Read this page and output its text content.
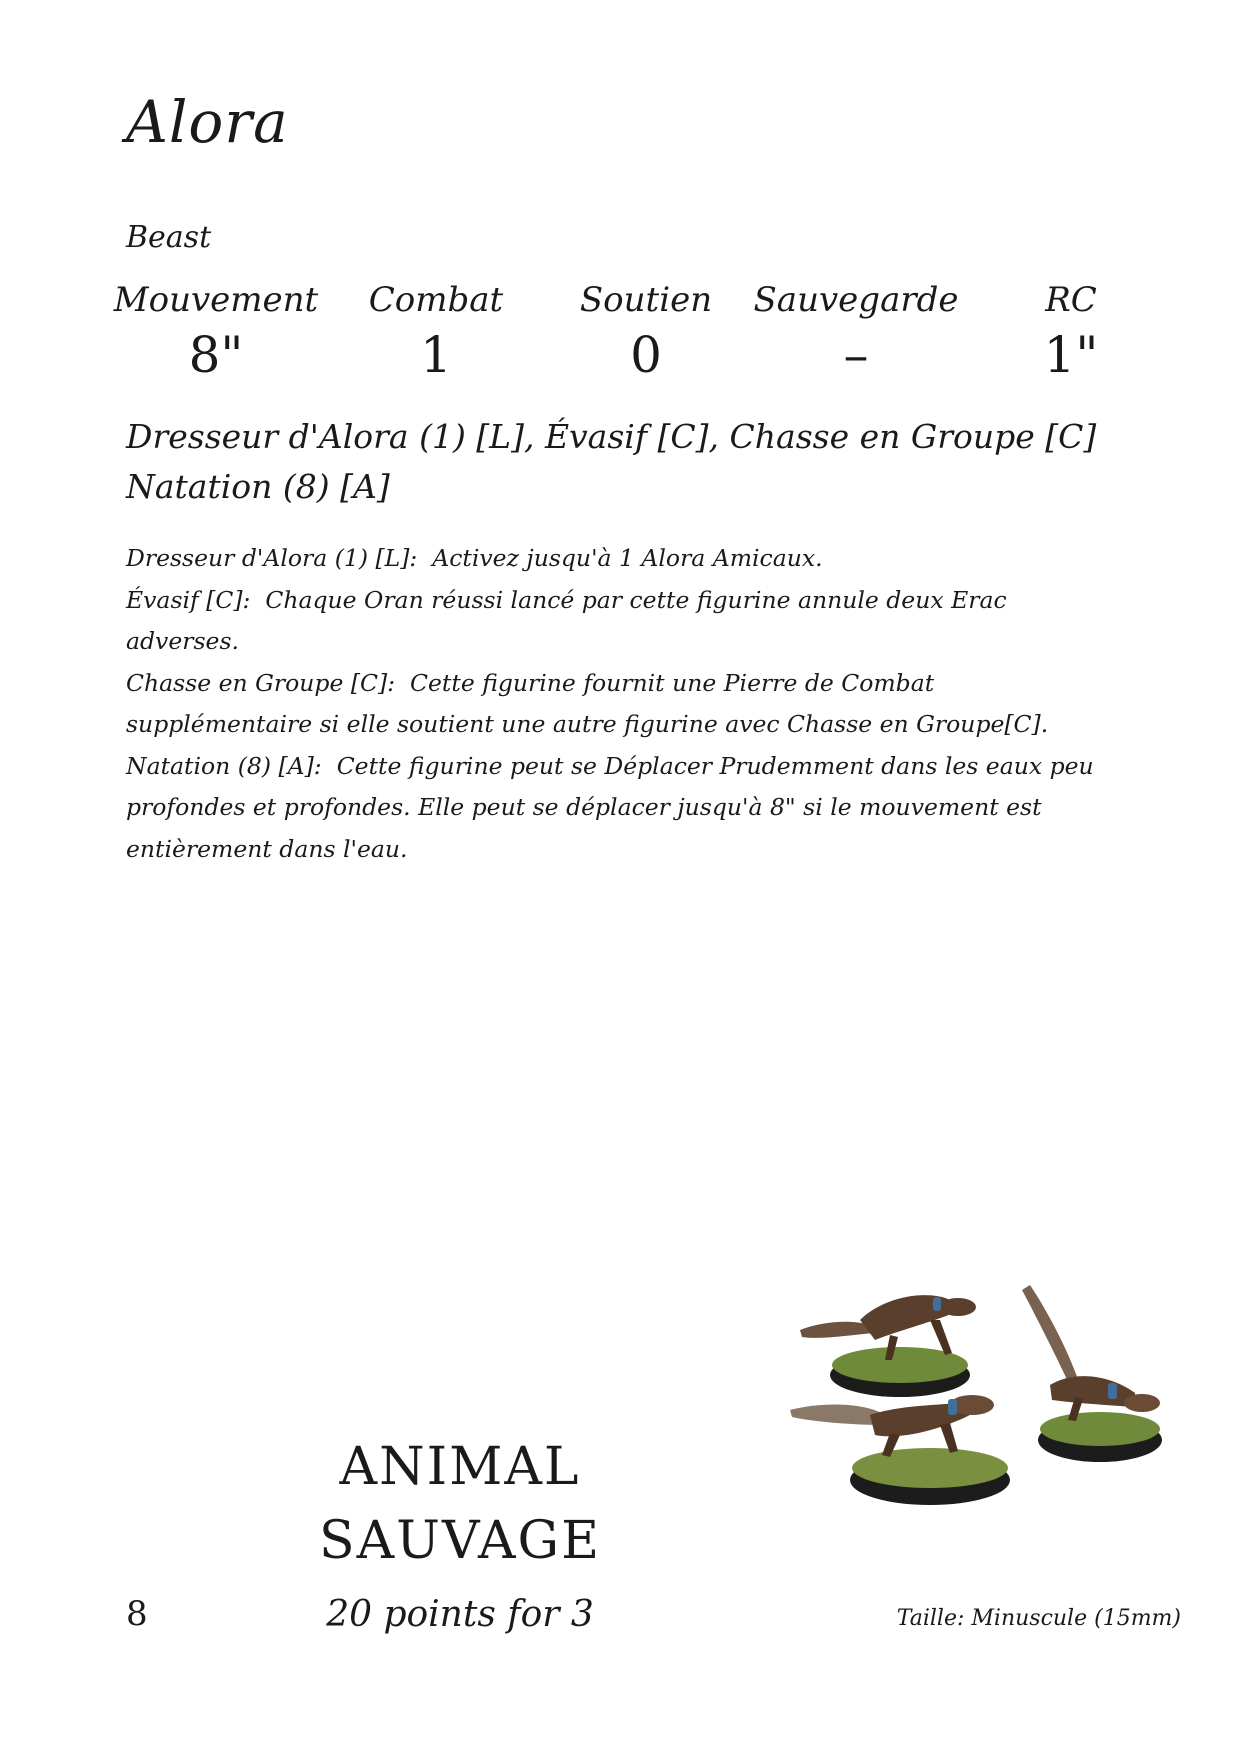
Alora
Beast
Mouvement
8"
Combat
1
Soutien
0
Sauvegarde
–
RC
1"
Dresseur d'Alora (1) [L], Évasif [C], Chasse en Groupe [C]
Natation (8) [A]

Dresseur d'Alora (1) [L]: Activez jusqu'à 1 Alora Amicaux.

Évasif [C]: Chaque Oran réussi lancé par cette figurine annule deux Erac adverses.

Chasse en Groupe [C]: Cette figurine fournit une Pierre de Combat supplémentaire si elle soutient une autre figurine avec Chasse en Groupe[C].

Natation (8) [A]: Cette figurine peut se Déplacer Prudemment dans les eaux peu profondes et profondes. Elle peut se déplacer jusqu'à 8" si le mouvement est entièrement dans l'eau.

ANIMAL
SAUVAGE
8	20 points for 3	Taille: Minuscule (15mm)
